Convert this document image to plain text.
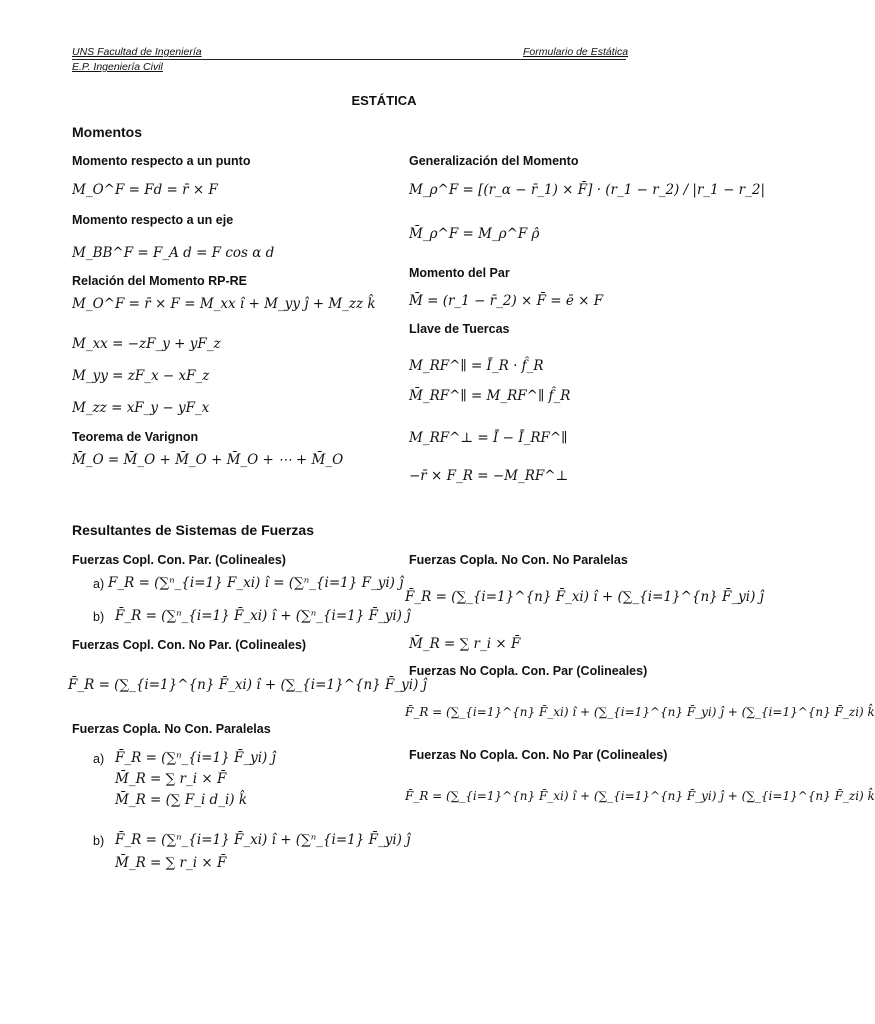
UNS Facultad de Ingeniería
E.P. Ingeniería Civil
Formulario de Estática
ESTÁTICA
Momentos
Momento respecto a un punto
M_O^F = Fd = r̄ × F
Momento respecto a un eje
M_BB^F = F_A d = F cos α d
Relación del Momento RP-RE
M_O^F = r̄ × F = M_xx î + M_yy ĵ + M_zz k̂
M_xx = −zF_y + yF_z
M_yy = zF_x − xF_z
M_zz = xF_y − yF_x
Teorema de Varignon
M̄_O = M̄_O + M̄_O + M̄_O + ⋯ + M̄_O
Generalización del Momento
M_ρ^F = [(r_α − r̄_1) × F̄] · (r_1 − r_2) / |r_1 − r_2|
M̄_ρ^F = M_ρ^F ρ̂
Momento del Par
M̄ = (r_1 − r̄_2) × F̄ = ē × F
Llave de Tuercas
M_RF^∥ = Ī_R · f̂_R
M̄_RF^∥ = M_RF^∥ f̂_R
M_RF^⊥ = Ī − Ī_RF^∥
−r̄ × F_R = −M_RF^⊥
Resultantes de Sistemas de Fuerzas
Fuerzas Copl. Con. Par. (Colineales)
a) F_R = (∑ⁿ_{i=1} F_xi) î = (∑ⁿ_{i=1} F_yi) ĵ
b) F̄_R = (∑ⁿ_{i=1} F̄_xi) î + (∑ⁿ_{i=1} F̄_yi) ĵ
Fuerzas Copl. Con. No Par. (Colineales)
F̄_R = (∑_{i=1}^{n} F̄_xi) î + (∑_{i=1}^{n} F̄_yi) ĵ
Fuerzas Copla. No Con. Paralelas
a) F̄_R = (∑ⁿ_{i=1} F̄_yi) ĵ
M̄_R = ∑ r_i × F̄
M̄_R = (∑ F_i d_i) k̂
b) F̄_R = (∑ⁿ_{i=1} F̄_xi) î + (∑ⁿ_{i=1} F̄_yi) ĵ
M̄_R = ∑ r_i × F̄
Fuerzas Copla. No Con. No Paralelas
F̄_R = (∑_{i=1}^{n} F̄_xi) î + (∑_{i=1}^{n} F̄_yi) ĵ
M̄_R = ∑ r_i × F̄
Fuerzas No Copla. Con. Par (Colineales)
F̄_R = (∑_{i=1}^{n} F̄_xi) î + (∑_{i=1}^{n} F̄_yi) ĵ + (∑_{i=1}^{n} F̄_zi) k̂
Fuerzas No Copla. Con. No Par (Colineales)
F̄_R = (∑_{i=1}^{n} F̄_xi) î + (∑_{i=1}^{n} F̄_yi) ĵ + (∑_{i=1}^{n} F̄_zi) k̂
